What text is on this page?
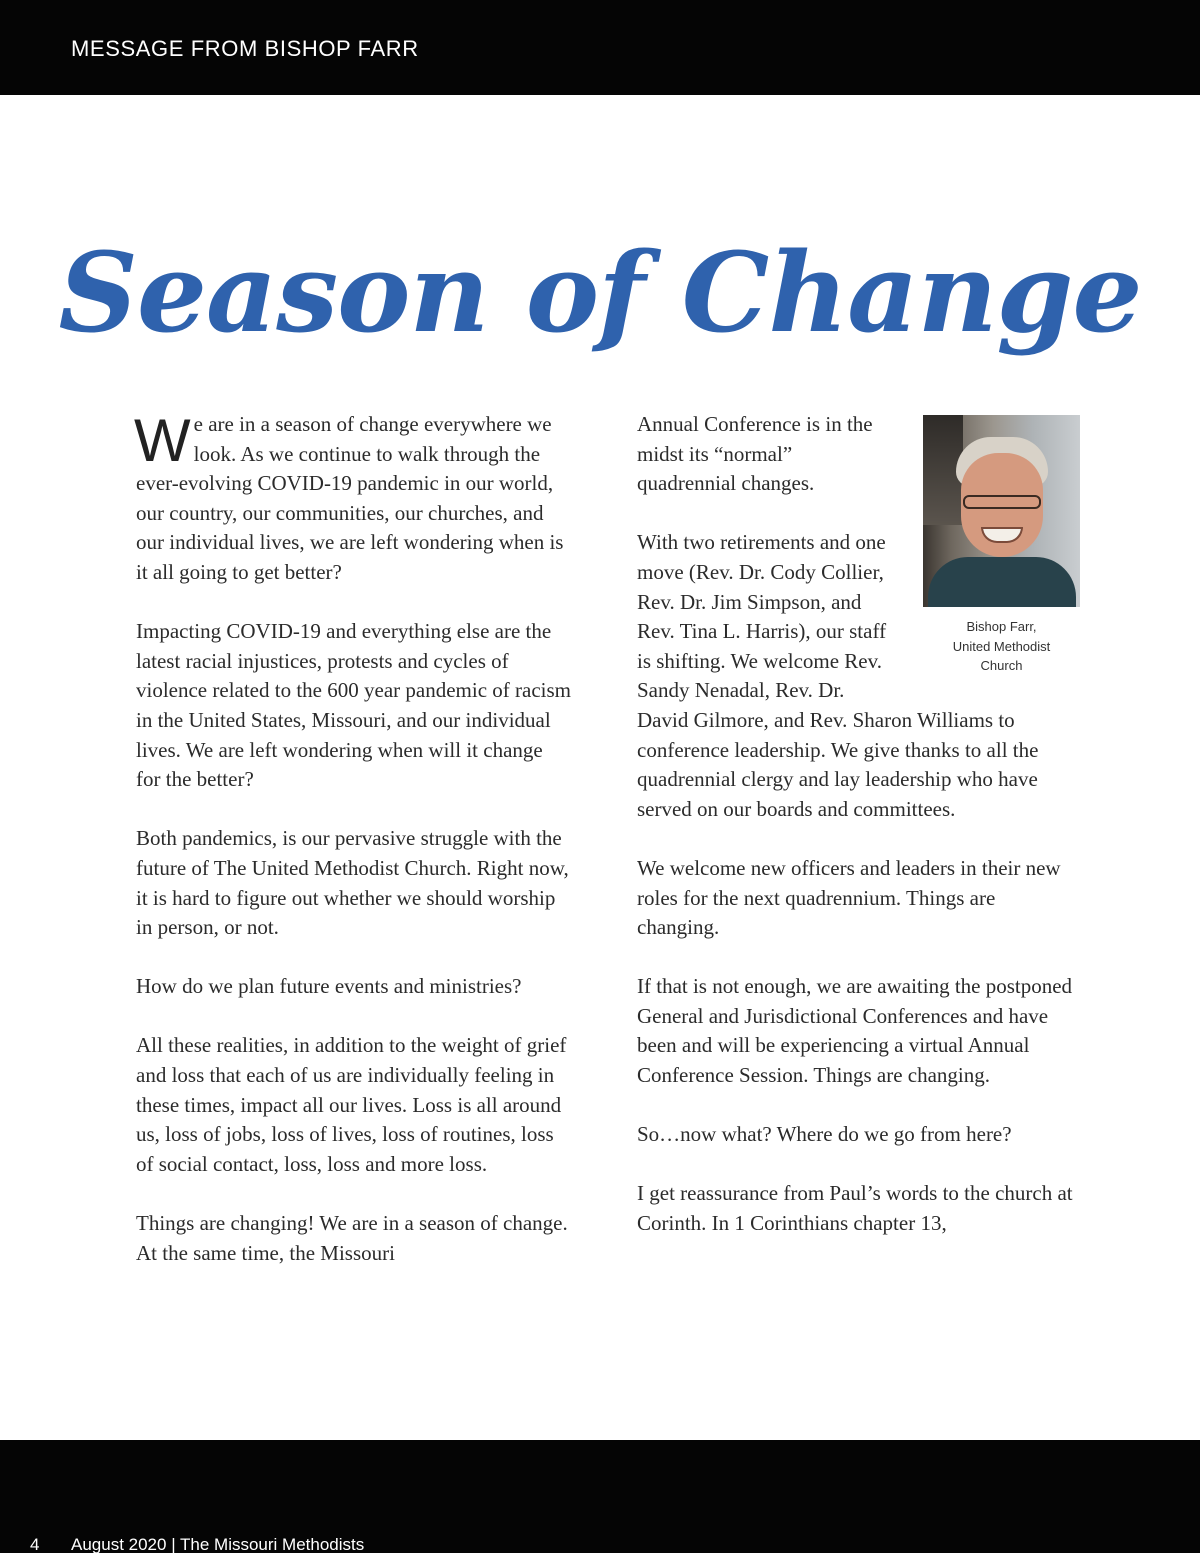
MESSAGE FROM BISHOP FARR

Season of Change

We are in a season of change everywhere we look. As we continue to walk through the ever-evolving COVID-19 pandemic in our world, our country, our communities, our churches, and our individual lives, we are left wondering when is it all going to get better?

Impacting COVID-19 and everything else are the latest racial injustices, protests and cycles of violence related to the 600 year pandemic of racism in the United States, Missouri, and our individual lives. We are left wondering when will it change for the better?

Both pandemics, is our pervasive struggle with the future of The United Methodist Church. Right now, it is hard to figure out whether we should worship in person, or not.

How do we plan future events and ministries?

All these realities, in addition to the weight of grief and loss that each of us are individually feeling in these times, impact all our lives. Loss is all around us, loss of jobs, loss of lives, loss of routines, loss of social contact, loss, loss and more loss.

Things are changing! We are in a season of change. At the same time, the Missouri

Bishop Farr,
United Methodist
Church

Annual Conference is in the midst its “normal” quadrennial changes.

With two retirements and one move (Rev. Dr. Cody Collier, Rev. Dr. Jim Simpson, and Rev. Tina L. Harris), our staff is shifting. We welcome Rev. Sandy Nenadal, Rev. Dr. David Gilmore, and Rev. Sharon Williams to conference leadership. We give thanks to all the quadrennial clergy and lay leadership who have served on our boards and committees.

We welcome new officers and leaders in their new roles for the next quadrennium. Things are changing.

If that is not enough, we are awaiting the postponed General and Jurisdictional Conferences and have been and will be experiencing a virtual Annual Conference Session. Things are changing.

So…now what? Where do we go from here?

I get reassurance from Paul’s words to the church at Corinth. In 1 Corinthians chapter 13,

4 August 2020 | The Missouri Methodists
